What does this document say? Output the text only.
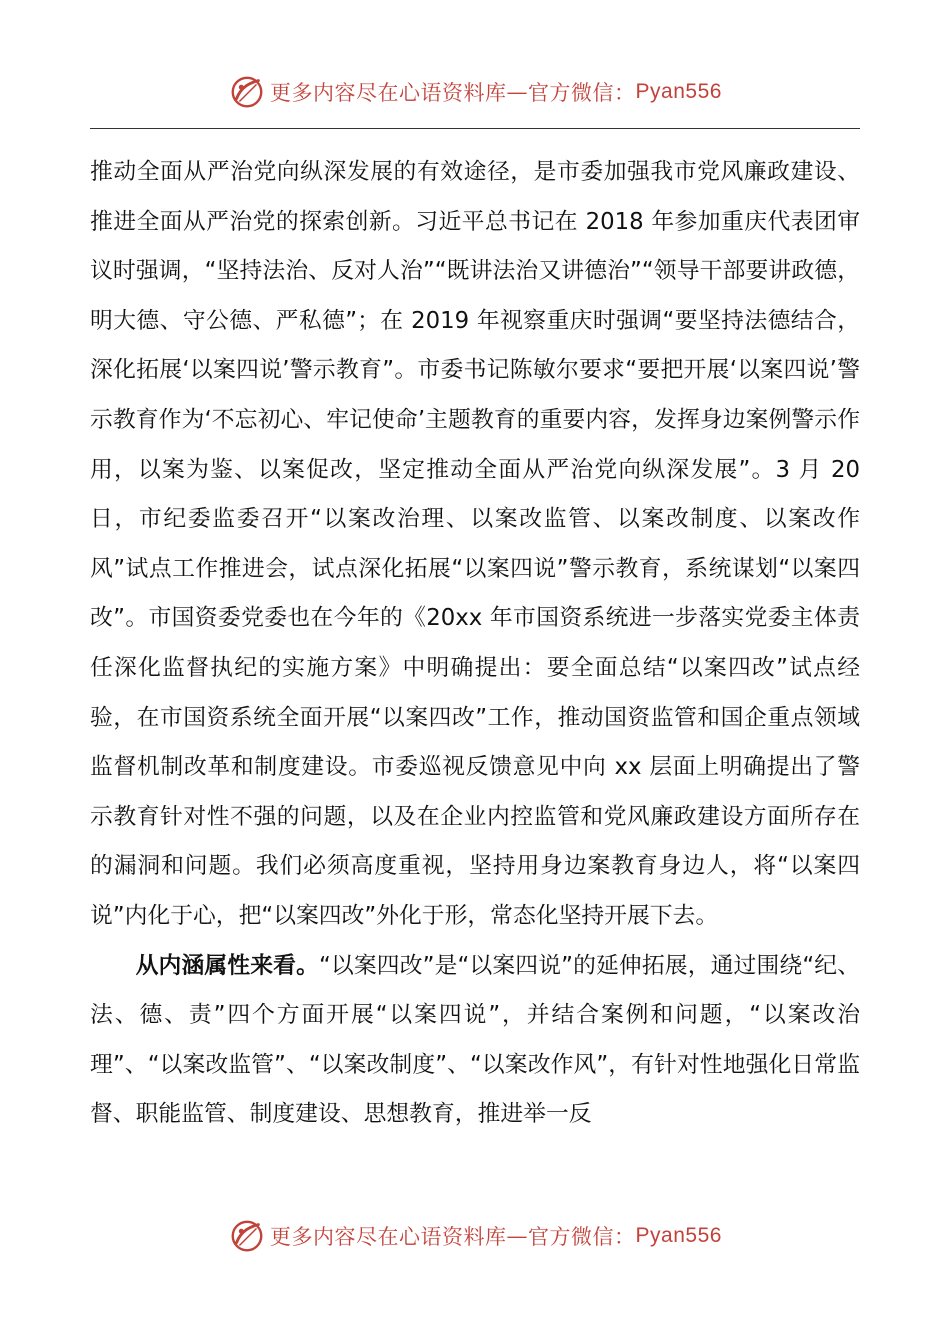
更多内容尽在心语资料库 — 官方微信： Pyan556

推动全面从严治党向纵深发展的有效途径，是市委加强我市党风廉政建设、推进全面从严治党的探索创新。习近平总书记在 2018 年参加重庆代表团审议时强调，“坚持法治、反对人治”“既讲法治又讲德治”“领导干部要讲政德，明大德、守公德、严私德”；在 2019 年视察重庆时强调“要坚持法德结合，深化拓展‘以案四说’警示教育”。市委书记陈敏尔要求“要把开展‘以案四说’警示教育作为‘不忘初心、牢记使命’主题教育的重要内容，发挥身边案例警示作用，以案为鉴、以案促改，坚定推动全面从严治党向纵深发展”。3 月 20 日，市纪委监委召开“以案改治理、以案改监管、以案改制度、以案改作风”试点工作推进会，试点深化拓展“以案四说”警示教育，系统谋划“以案四改”。市国资委党委也在今年的《20xx 年市国资系统进一步落实党委主体责任深化监督执纪的实施方案》中明确提出：要全面总结“以案四改”试点经验，在市国资系统全面开展“以案四改”工作，推动国资监管和国企重点领域监督机制改革和制度建设。市委巡视反馈意见中向 xx 层面上明确提出了警示教育针对性不强的问题，以及在企业内控监管和党风廉政建设方面所存在的漏洞和问题。我们必须高度重视，坚持用身边案教育身边人，将“以案四说”内化于心，把“以案四改”外化于形，常态化坚持开展下去。

从内涵属性来看。“以案四改”是“以案四说”的延伸拓展，通过围绕“纪、法、德、责”四个方面开展“以案四说”，并结合案例和问题，“以案改治理”、“以案改监管”、“以案改制度”、“以案改作风”，有针对性地强化日常监督、职能监管、制度建设、思想教育，推进举一反

更多内容尽在心语资料库 — 官方微信： Pyan556
